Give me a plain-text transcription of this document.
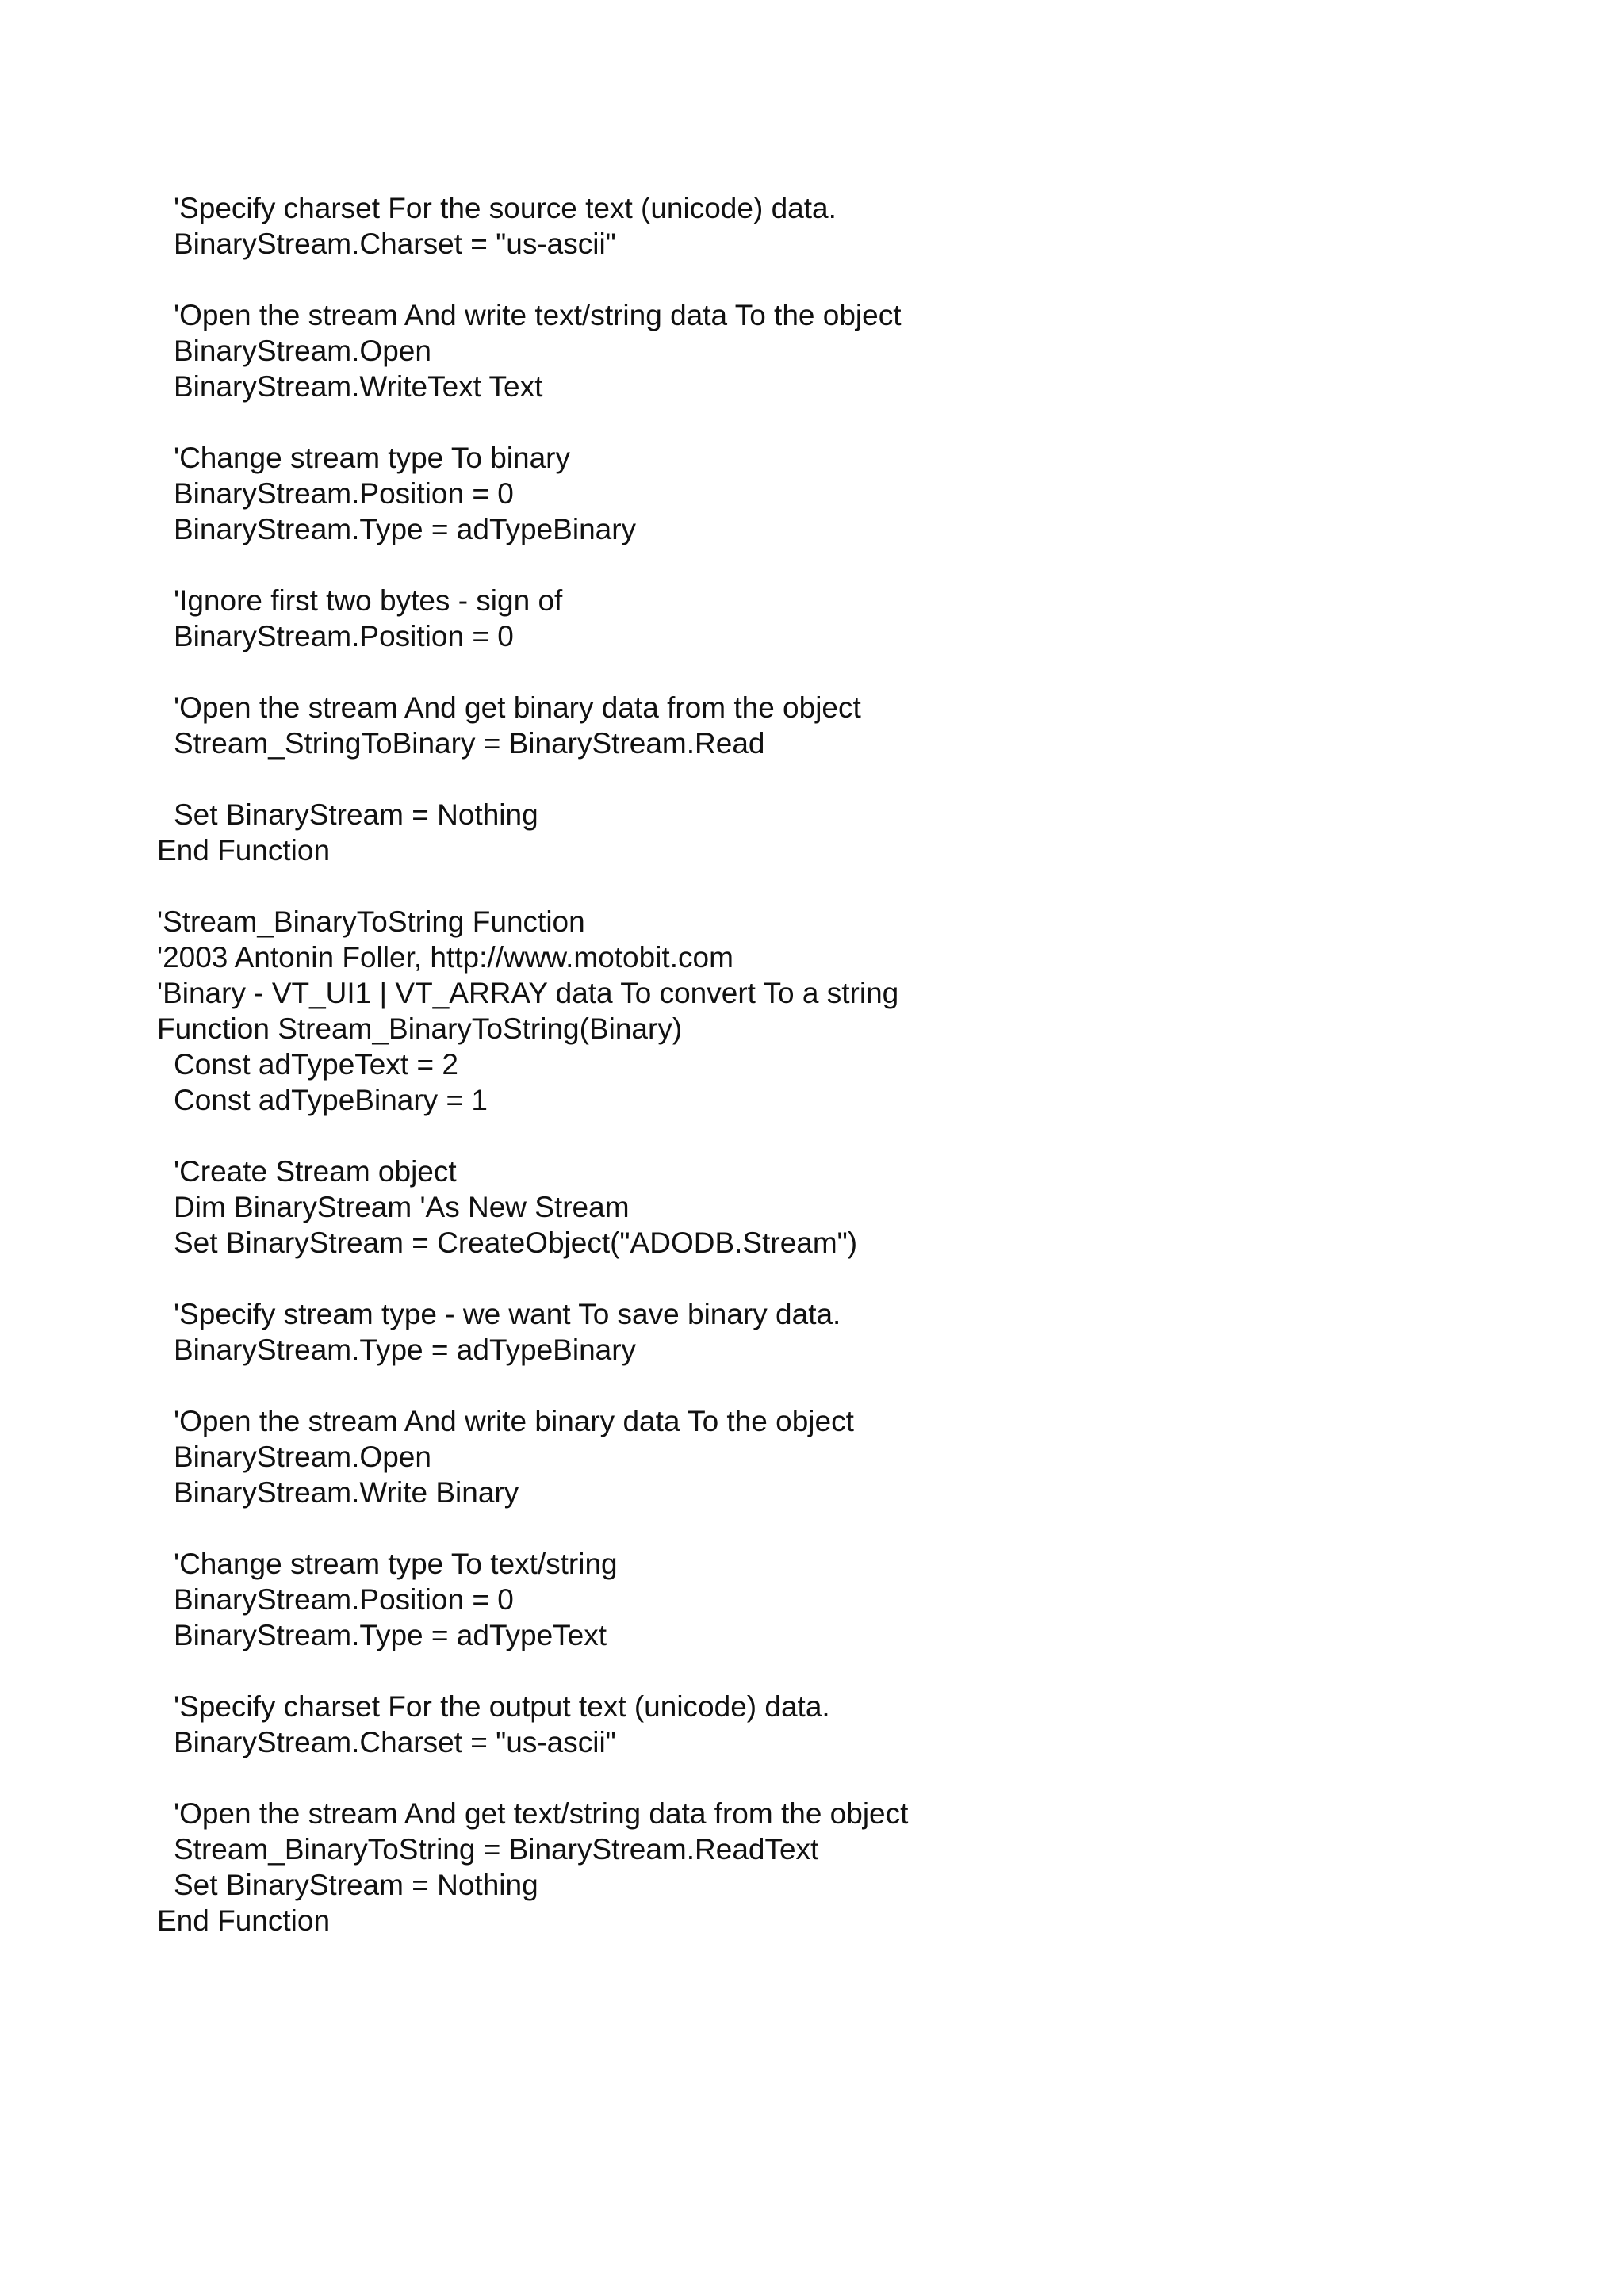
'Specify charset For the source text (unicode) data.
BinaryStream.Charset = "us-ascii"
'Open the stream And write text/string data To the object
BinaryStream.Open
BinaryStream.WriteText Text
'Change stream type To binary
BinaryStream.Position = 0
BinaryStream.Type = adTypeBinary
'Ignore first two bytes - sign of
BinaryStream.Position = 0
'Open the stream And get binary data from the object
Stream_StringToBinary = BinaryStream.Read
Set BinaryStream = Nothing
End Function
'Stream_BinaryToString Function
'2003 Antonin Foller, http://www.motobit.com
'Binary - VT_UI1 | VT_ARRAY data To convert To a string
Function Stream_BinaryToString(Binary)
Const adTypeText = 2
Const adTypeBinary = 1
'Create Stream object
Dim BinaryStream 'As New Stream
Set BinaryStream = CreateObject("ADODB.Stream")
'Specify stream type - we want To save binary data.
BinaryStream.Type = adTypeBinary
'Open the stream And write binary data To the object
BinaryStream.Open
BinaryStream.Write Binary
'Change stream type To text/string
BinaryStream.Position = 0
BinaryStream.Type = adTypeText
'Specify charset For the output text (unicode) data.
BinaryStream.Charset = "us-ascii"
'Open the stream And get text/string data from the object
Stream_BinaryToString = BinaryStream.ReadText
Set BinaryStream = Nothing
End Function
